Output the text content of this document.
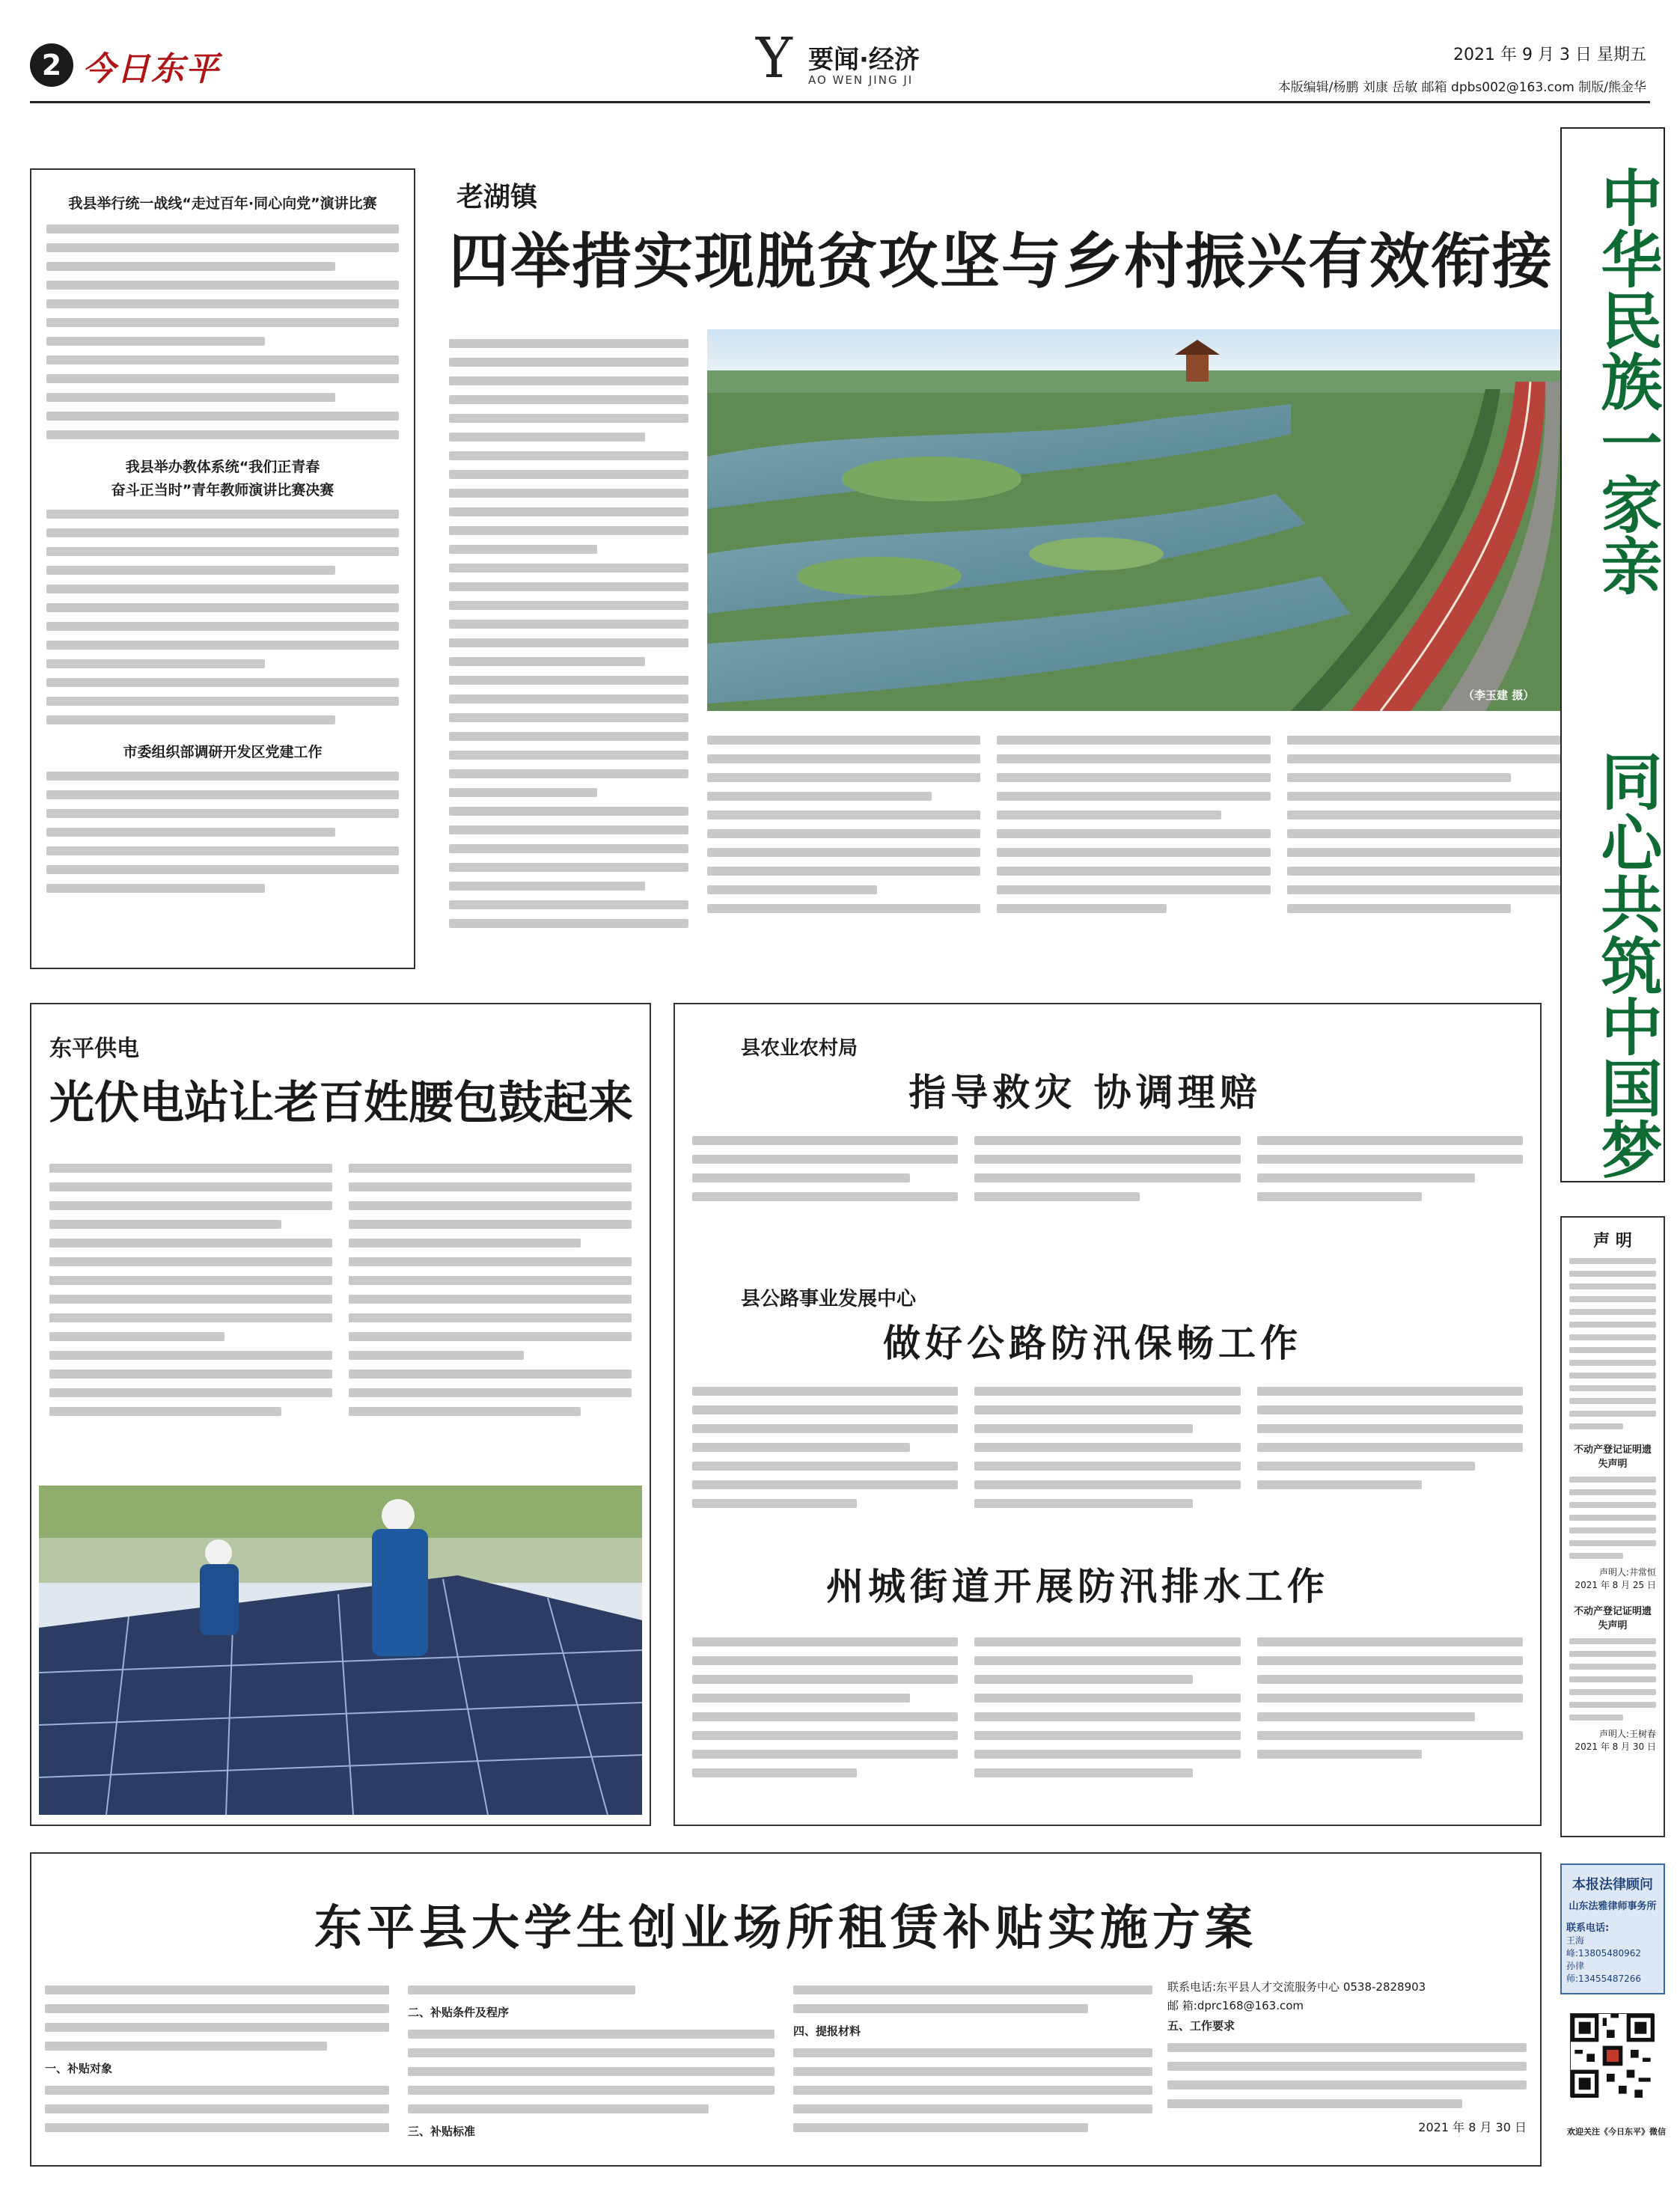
2 今日东平	Y 要闻·经济
AO WEN JING JI
2021 年 9 月 3 日 星期五
本版编辑/杨鹏 刘康 岳敏 邮箱 dpbs002@163.com 制版/熊金华
我县举行统一战线“走过百年·同心向党”演讲比赛
我县举办教体系统“我们正青春
奋斗正当时”青年教师演讲比赛决赛
市委组织部调研开发区党建工作
老湖镇
四举措实现脱贫攻坚与乡村振兴有效衔接
（李玉建 摄）
中华民族一家亲
同心共筑中国梦
东平供电
光伏电站让老百姓腰包鼓起来
县农业农村局
指导救灾 协调理赔
县公路事业发展中心
做好公路防汛保畅工作
州城街道开展防汛排水工作
声 明
不动产登记证明遗失声明
声明人:井常恒
2021 年 8 月 25 日
不动产登记证明遗失声明
声明人:王树春
2021 年 8 月 30 日
东平县大学生创业场所租赁补贴实施方案
一、补贴对象
二、补贴条件及程序
三、补贴标准
四、提报材料
联系电话:东平县人才交流服务中心 0538-2828903
邮 箱:dprc168@163.com
五、工作要求
2021 年 8 月 30 日
本报法律顾问
山东法雅律师事务所
联系电话:
王海峰:13805480962
孙律师:13455487266
欢迎关注《今日东平》微信
